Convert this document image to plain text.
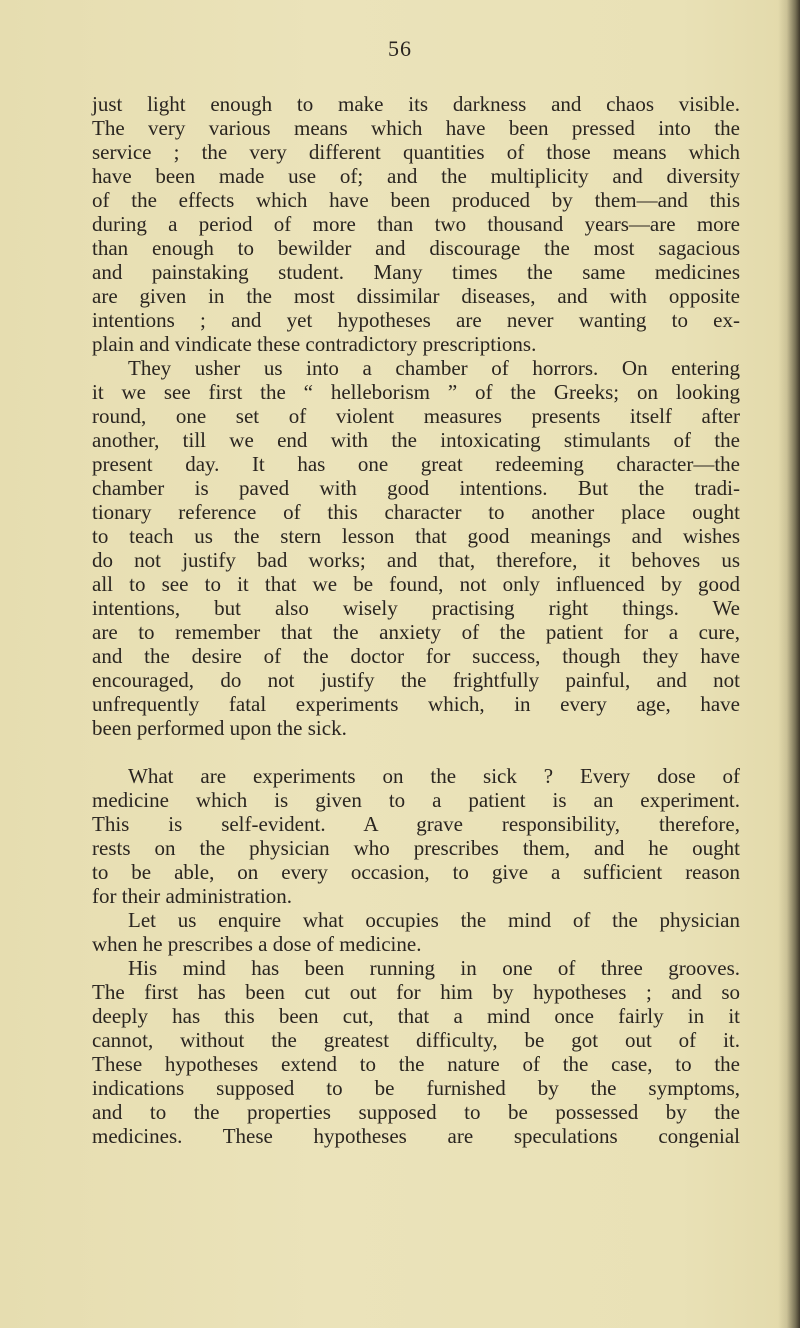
56
just light enough to make its darkness and chaos visible.
The very various means which have been pressed into the
service ; the very different quantities of those means which
have been made use of; and the multiplicity and diversity
of the effects which have been produced by them—and this
during a period of more than two thousand years—are more
than enough to bewilder and discourage the most sagacious
and painstaking student. Many times the same medicines
are given in the most dissimilar diseases, and with opposite
intentions ; and yet hypotheses are never wanting to ex-
plain and vindicate these contradictory prescriptions.
They usher us into a chamber of horrors. On entering
it we see first the “ helleborism ” of the Greeks; on looking
round, one set of violent measures presents itself after
another, till we end with the intoxicating stimulants of the
present day. It has one great redeeming character—the
chamber is paved with good intentions. But the tradi-
tionary reference of this character to another place ought
to teach us the stern lesson that good meanings and wishes
do not justify bad works; and that, therefore, it behoves us
all to see to it that we be found, not only influenced by good
intentions, but also wisely practising right things. We
are to remember that the anxiety of the patient for a cure,
and the desire of the doctor for success, though they have
encouraged, do not justify the frightfully painful, and not
unfrequently fatal experiments which, in every age, have
been performed upon the sick.
What are experiments on the sick ? Every dose of
medicine which is given to a patient is an experiment.
This is self-evident. A grave responsibility, therefore,
rests on the physician who prescribes them, and he ought
to be able, on every occasion, to give a sufficient reason
for their administration.
Let us enquire what occupies the mind of the physician
when he prescribes a dose of medicine.
His mind has been running in one of three grooves.
The first has been cut out for him by hypotheses ; and so
deeply has this been cut, that a mind once fairly in it
cannot, without the greatest difficulty, be got out of it.
These hypotheses extend to the nature of the case, to the
indications supposed to be furnished by the symptoms,
and to the properties supposed to be possessed by the
medicines. These hypotheses are speculations congenial
